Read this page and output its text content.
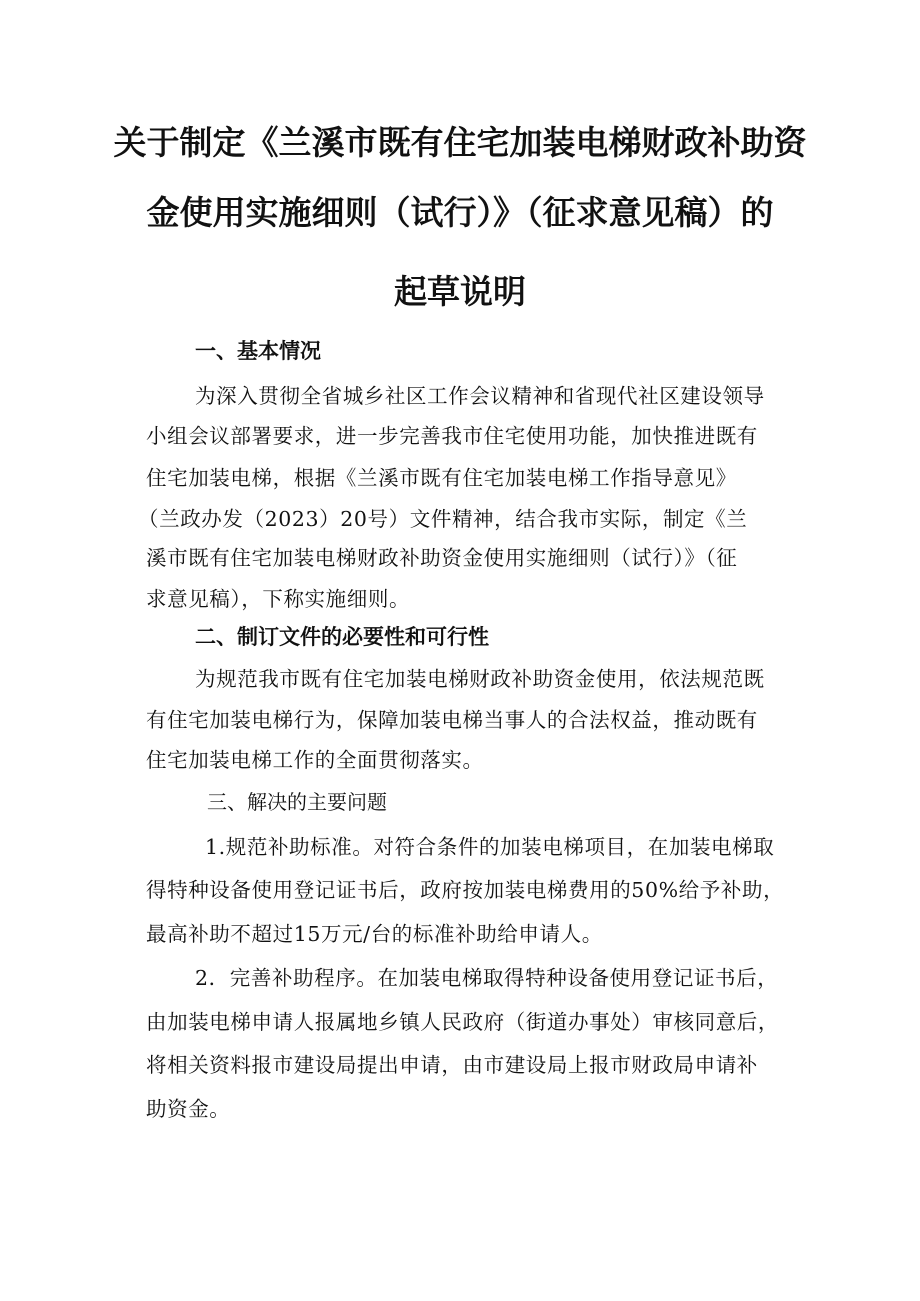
关于制定《兰溪市既有住宅加装电梯财政补助资
金使用实施细则（试行）》（征求意见稿）的
起草说明
一、基本情况
为深入贯彻全省城乡社区工作会议精神和省现代社区建设领导
小组会议部署要求，进一步完善我市住宅使用功能，加快推进既有
住宅加装电梯，根据《兰溪市既有住宅加装电梯工作指导意见》
（兰政办发（2023）20号）文件精神，结合我市实际，制定《兰
溪市既有住宅加装电梯财政补助资金使用实施细则（试行）》（征
求意见稿），下称实施细则。
二、制订文件的必要性和可行性
为规范我市既有住宅加装电梯财政补助资金使用，依法规范既
有住宅加装电梯行为，保障加装电梯当事人的合法权益，推动既有
住宅加装电梯工作的全面贯彻落实。
三、解决的主要问题
1.规范补助标准。对符合条件的加装电梯项目，在加装电梯取
得特种设备使用登记证书后，政府按加装电梯费用的50%给予补助，
最高补助不超过15万元/台的标准补助给申请人。
2．完善补助程序。在加装电梯取得特种设备使用登记证书后，
由加装电梯申请人报属地乡镇人民政府（街道办事处）审核同意后，
将相关资料报市建设局提出申请，由市建设局上报市财政局申请补
助资金。
